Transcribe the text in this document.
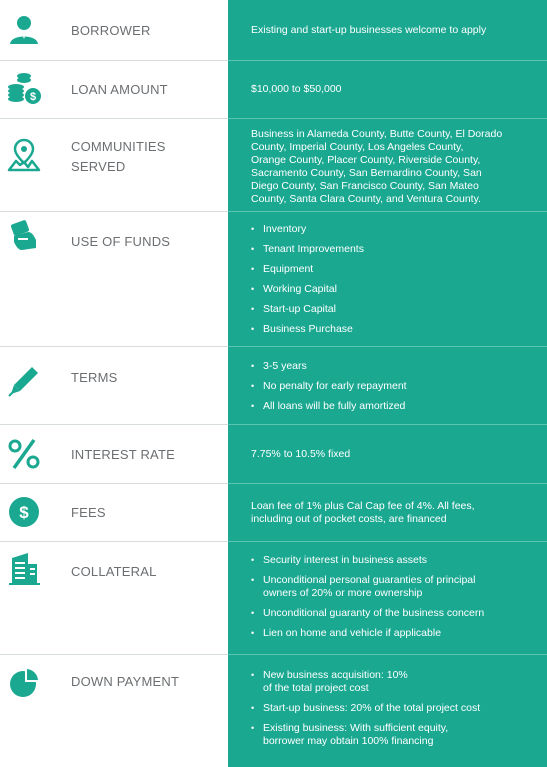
BORROWER	Existing and start-up businesses welcome to apply
$	LOAN AMOUNT	$10,000 to $50,000
COMMUNITIES
SERVED
Business in Alameda County, Butte County, El Dorado
County, Imperial County, Los Angeles County,
Orange County, Placer County, Riverside County,
Sacramento County, San Bernardino County, San
Diego County, San Francisco County, San Mateo
County, Santa Clara County, and Ventura County.
USE OF FUNDS
• Inventory
• Tenant Improvements
• Equipment
• Working Capital
• Start-up Capital
• Business Purchase
TERMS
• 3-5 years
• No penalty for early repayment
• All loans will be fully amortized
INTEREST RATE	7.75% to 10.5% fixed
$	FEES	Loan fee of 1% plus Cal Cap fee of 4%. All fees,
including out of pocket costs, are financed
COLLATERAL
• Security interest in business assets
• Unconditional personal guaranties of principal
owners of 20% or more ownership
• Unconditional guaranty of the business concern
• Lien on home and vehicle if applicable
DOWN PAYMENT
•	New business acquisition: 10%
of the total project cost
• Start-up business: 20% of the total project cost
• Existing business: With sufficient equity,
borrower may obtain 100% financing
